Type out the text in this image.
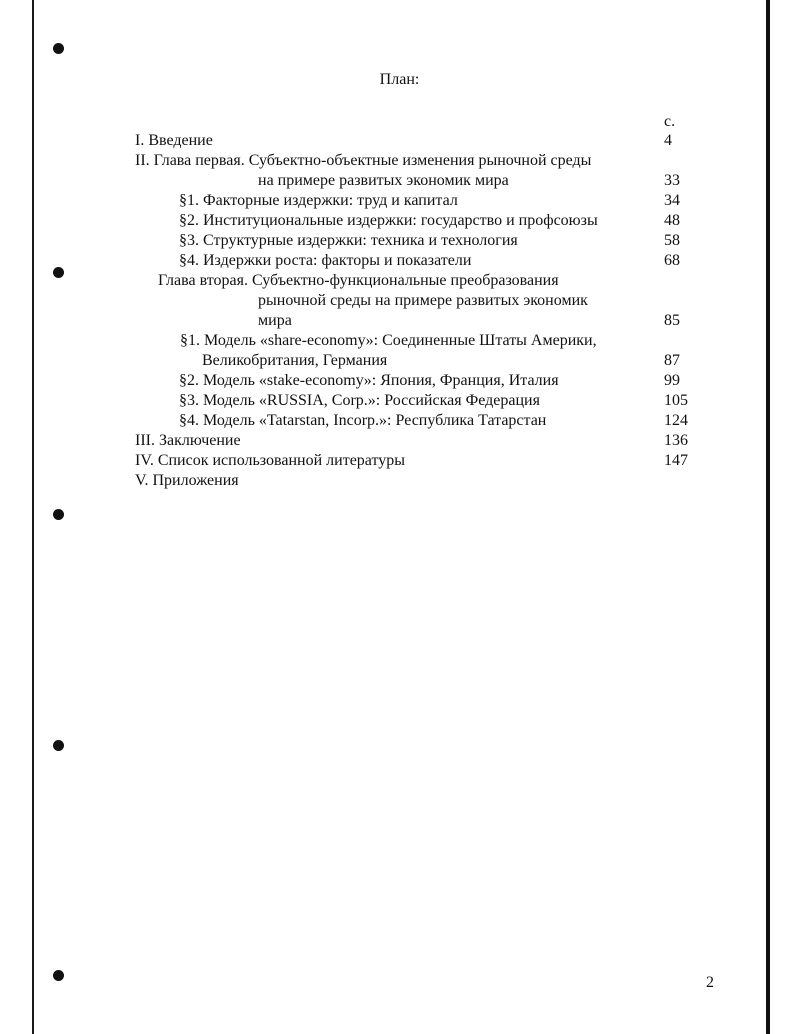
План:
с.
I. Введение	4
II. Глава первая. Субъектно-объектные изменения рыночной среды
на примере развитых экономик мира	33
§1. Факторные издержки: труд и капитал	34
§2. Институциональные издержки: государство и профсоюзы	48
§3. Структурные издержки: техника и технология	58
§4. Издержки роста: факторы и показатели	68
Глава вторая. Субъектно-функциональные преобразования
рыночной среды на примере развитых экономик
мира	85
§1. Модель «share-economy»: Соединенные Штаты Америки,
Великобритания, Германия	87
§2. Модель «stake-economy»: Япония, Франция, Италия	99
§3. Модель «RUSSIA, Corp.»: Российская Федерация	105
§4. Модель «Tatarstan, Incorp.»: Республика Татарстан	124
III. Заключение	136
IV. Список использованной литературы	147
V. Приложения
2
